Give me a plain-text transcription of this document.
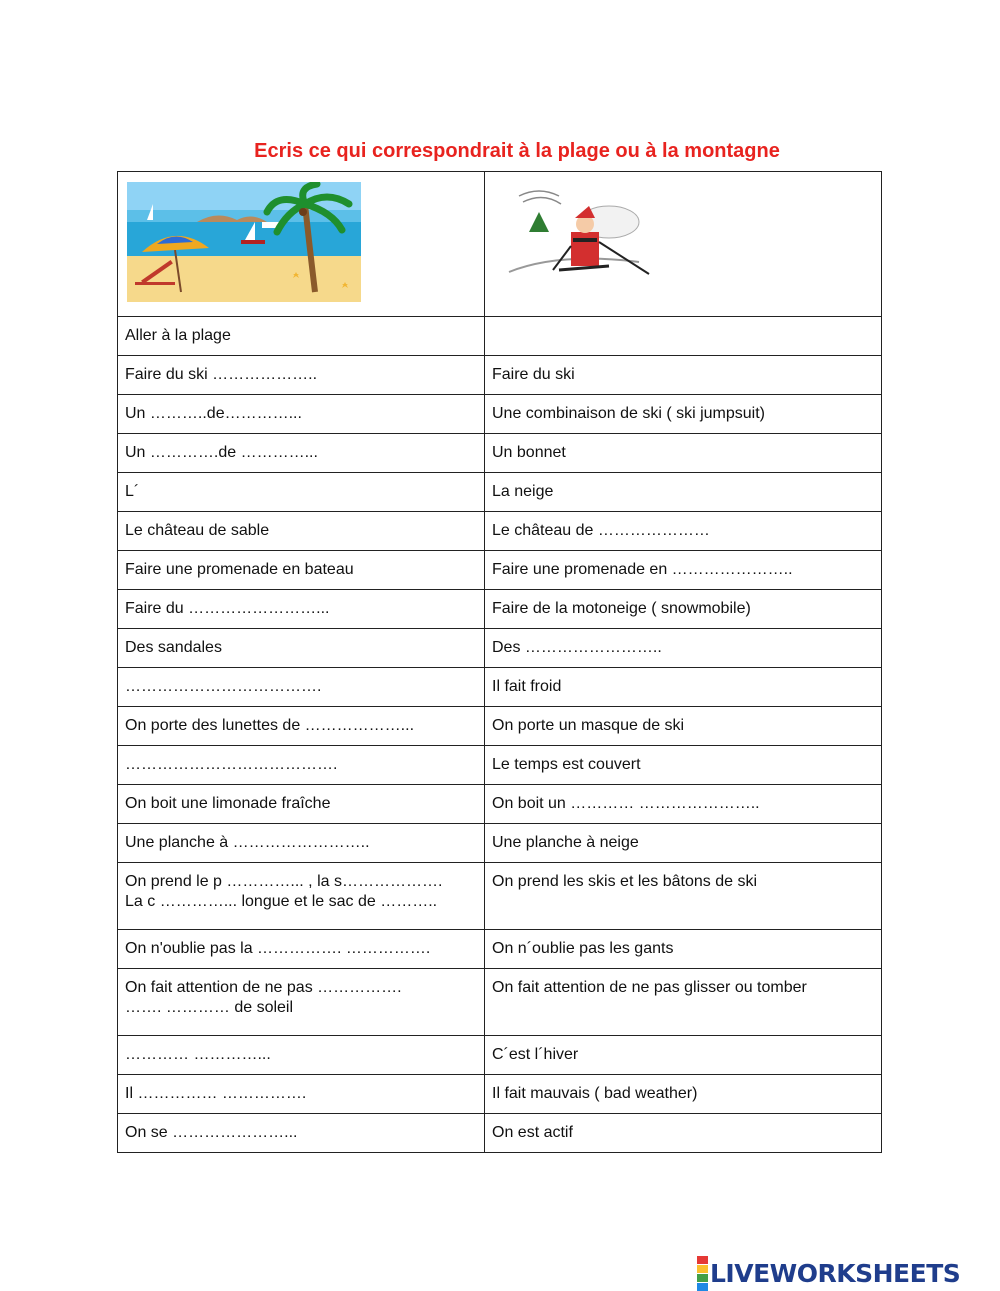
Ecris ce qui correspondrait à la plage ou à la montagne

Aller à la plage	
Faire du ski ………………..	Faire du ski
Un ………..de…………...	Une combinaison de ski ( ski jumpsuit)
Un ………….de …………...	Un bonnet
L´	La neige
Le château de sable	Le château de …………………
Faire une promenade en bateau	Faire une promenade en …………………..
Faire du ……………………...	Faire de la motoneige ( snowmobile)
Des sandales	Des ……………………..
……………………………….	Il fait froid
On porte des lunettes de ………………...	On porte un masque de ski
………………………………….	Le temps est couvert
On boit une limonade fraîche	On boit un ………… …………………..
Une planche à ……………………..	Une planche à neige

On prend le p …………... , la s……………….
La c …………... longue et le sac de ………..	On prend les skis et les bâtons de ski
On n'oublie pas la ……………. …………….	On n´oublie pas les gants

On fait attention de ne pas …………….
……. ………… de soleil	On fait attention de ne pas glisser ou tomber
………… …………...	C´est l´hiver
Il …………… …………….	Il fait mauvais ( bad weather)
On se …………………...	On est actif
LIVEWORKSHEETS
